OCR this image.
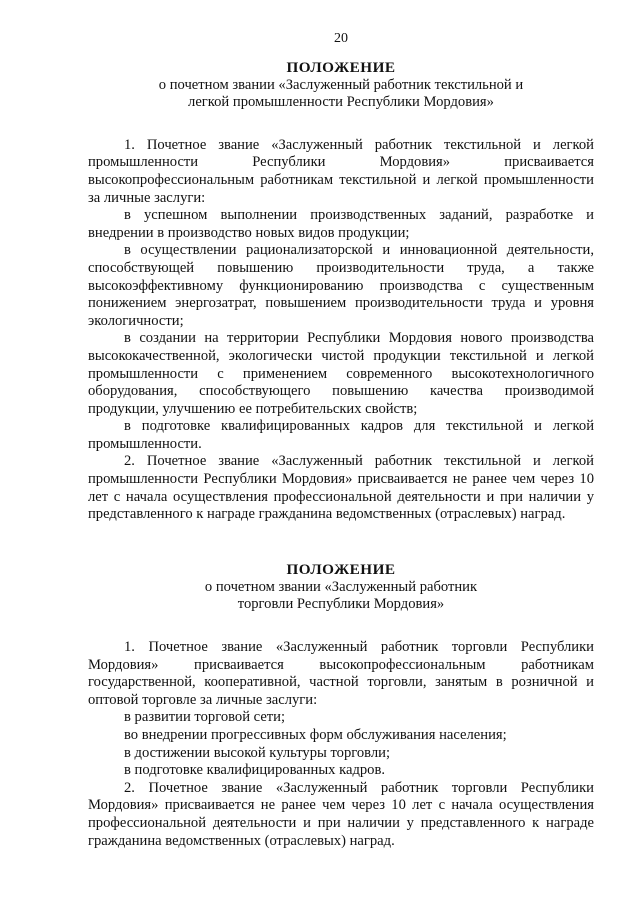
20
ПОЛОЖЕНИЕ
о почетном звании «Заслуженный работник текстильной и
легкой промышленности Республики Мордовия»

1. Почетное звание «Заслуженный работник текстильной и легкой промышленности Республики Мордовия» присваивается высокопрофессиональным работникам текстильной и легкой промышленности за личные заслуги:

в успешном выполнении производственных заданий, разработке и внедрении в производство новых видов продукции;

в осуществлении рационализаторской и инновационной деятельности, способствующей повышению производительности труда, а также высокоэффективному функционированию производства с существенным понижением энергозатрат, повышением производительности труда и уровня экологичности;

в создании на территории Республики Мордовия нового производства высококачественной, экологически чистой продукции текстильной и легкой промышленности с применением современного высокотехнологичного оборудования, способствующего повышению качества производимой продукции, улучшению ее потребительских свойств;

в подготовке квалифицированных кадров для текстильной и легкой промышленности.

2. Почетное звание «Заслуженный работник текстильной и легкой промышленности Республики Мордовия» присваивается не ранее чем через 10 лет с начала осуществления профессиональной деятельности и при наличии у представленного к награде гражданина ведомственных (отраслевых) наград.

ПОЛОЖЕНИЕ
о почетном звании «Заслуженный работник
торговли Республики Мордовия»

1. Почетное звание «Заслуженный работник торговли Республики Мордовия» присваивается высокопрофессиональным работникам государственной, кооперативной, частной торговли, занятым в розничной и оптовой торговле за личные заслуги:

в развитии торговой сети;

во внедрении прогрессивных форм обслуживания населения;

в достижении высокой культуры торговли;

в подготовке квалифицированных кадров.

2. Почетное звание «Заслуженный работник торговли Республики Мордовия» присваивается не ранее чем через 10 лет с начала осуществления профессиональной деятельности и при наличии у представленного к награде гражданина ведомственных (отраслевых) наград.
